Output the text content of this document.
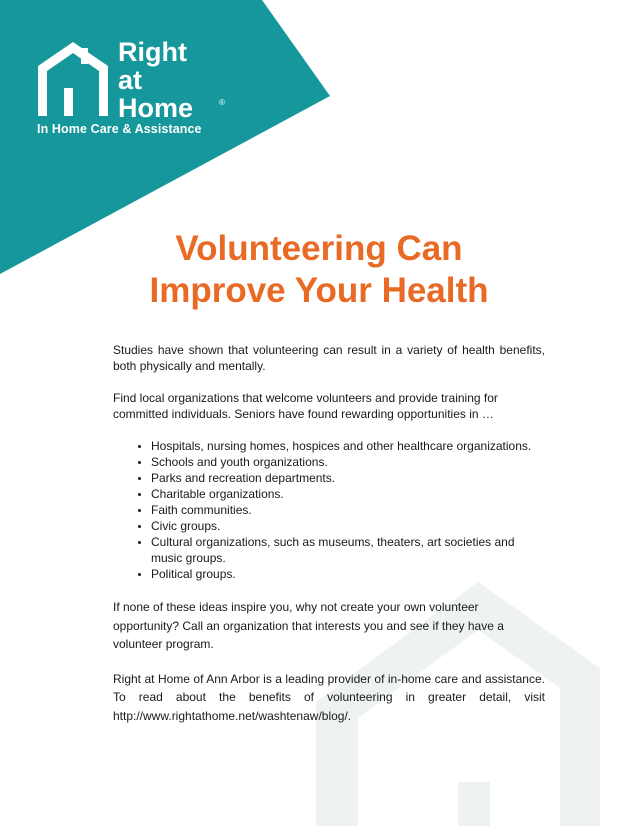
Right
at
Home	®
In Home Care & Assistance
Volunteering Can
Improve Your Health

Studies have shown that volunteering can result in a variety of health benefits, both physically and mentally.

Find local organizations that welcome volunteers and provide training for committed individuals. Seniors have found rewarding opportunities in …

• Hospitals, nursing homes, hospices and other healthcare organizations.
• Schools and youth organizations.
• Parks and recreation departments.
• Charitable organizations.
• Faith communities.
• Civic groups.
• Cultural organizations, such as museums, theaters, art societies and music groups.
• Political groups.

If none of these ideas inspire you, why not create your own volunteer opportunity? Call an organization that interests you and see if they have a volunteer program.

Right at Home of Ann Arbor is a leading provider of in-home care and assistance. To read about the benefits of volunteering in greater detail, visit http://www.rightathome.net/washtenaw/blog/.
